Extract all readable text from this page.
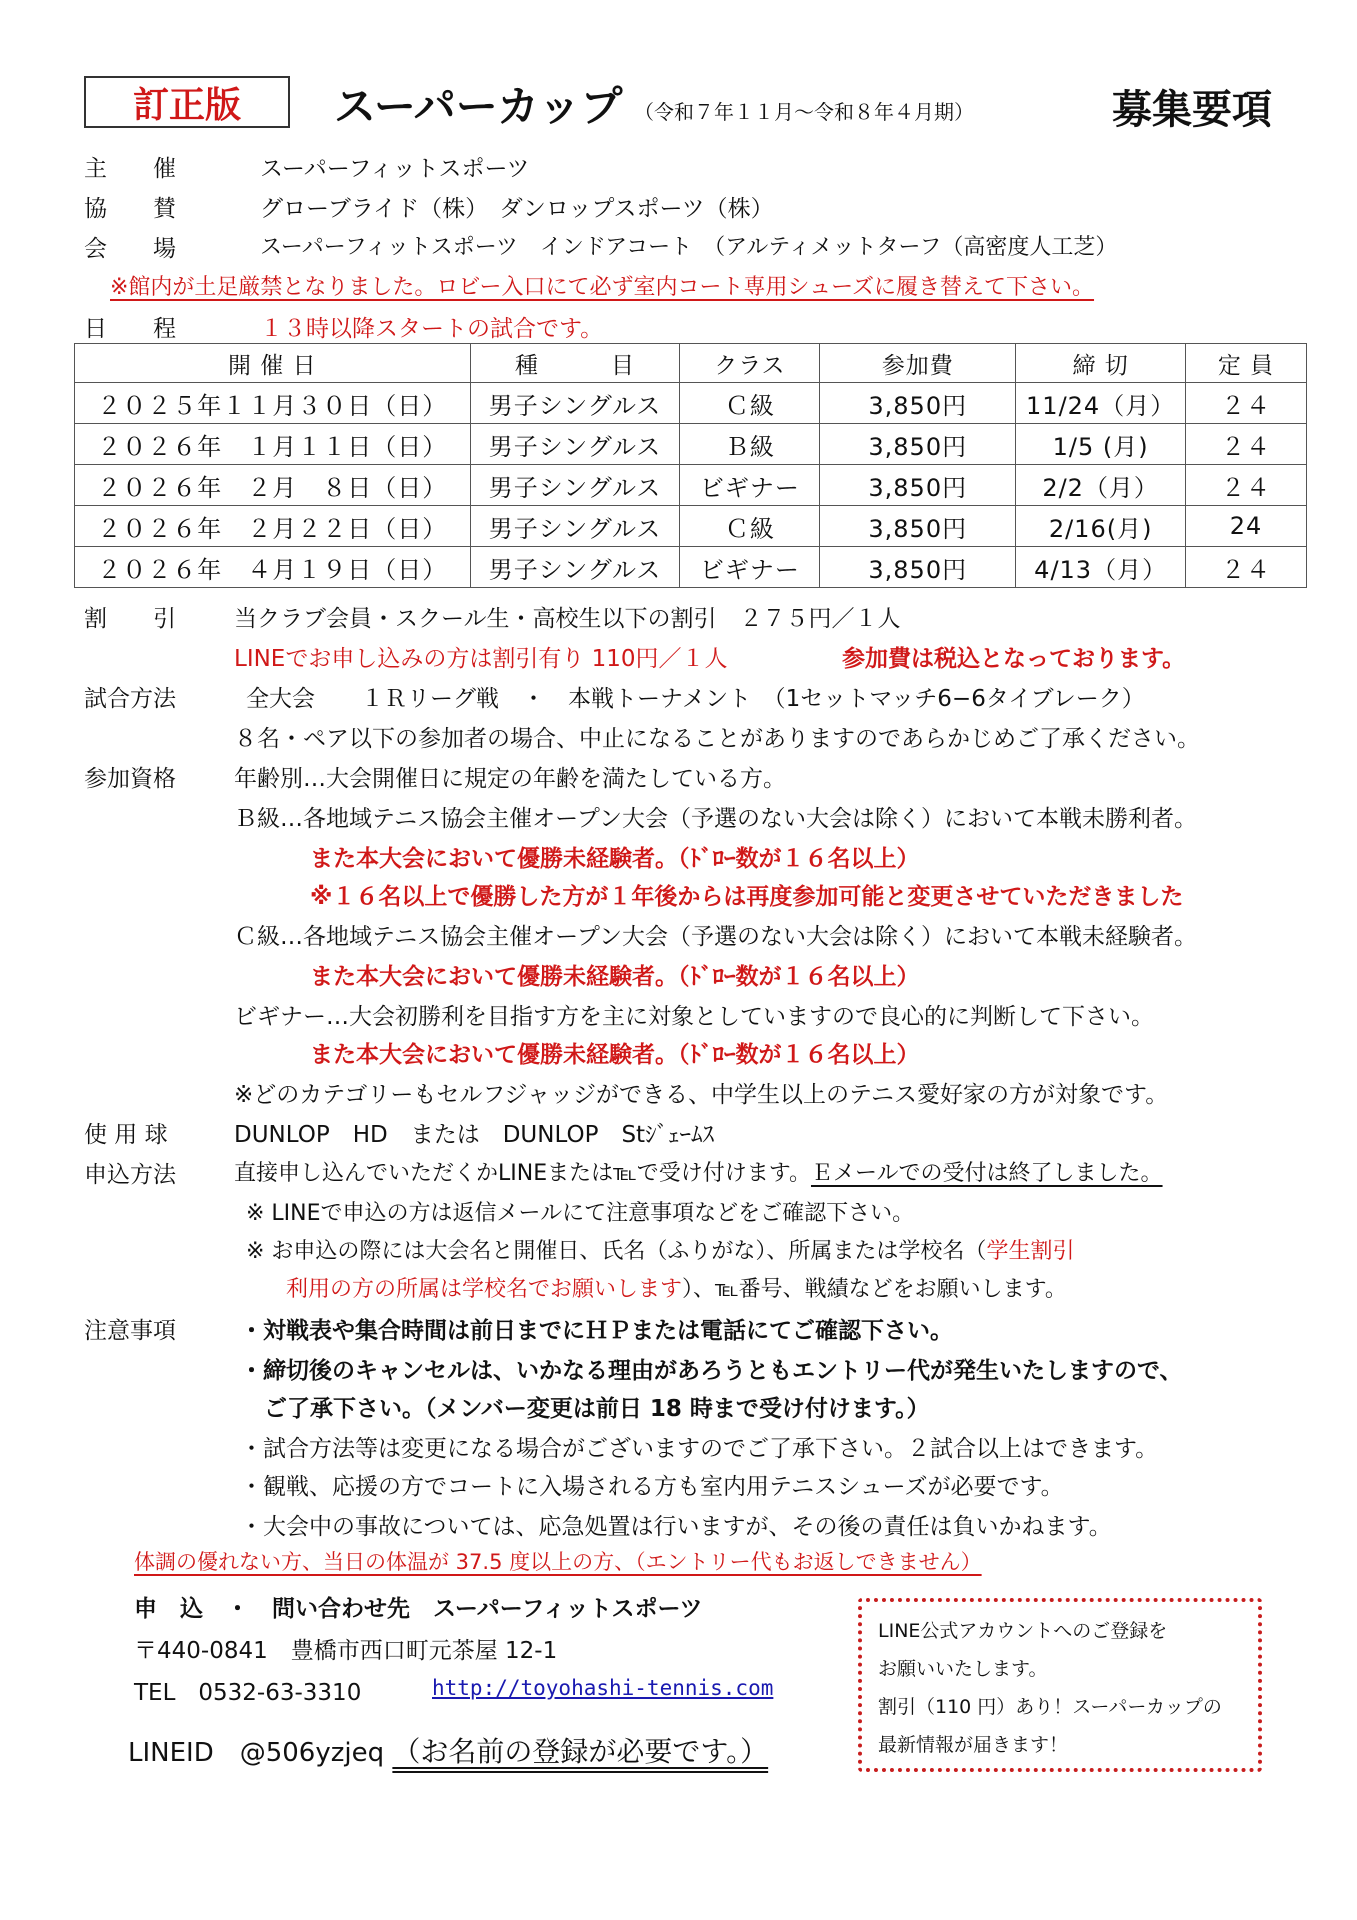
訂正版 スーパーカップ （令和７年１１月〜令和８年４月期）	募集要項
主　　催	スーパーフィットスポーツ
協　　賛	グローブライド（株）　ダンロップスポーツ（株）
会　　場	スーパーフィットスポーツ　インドアコート　（アルティメットターフ（高密度人工芝）
※館内が土足厳禁となりました。ロビー入口にて必ず室内コート専用シューズに履き替えて下さい。
日　　程	１３時以降スタートの試合です。
開 催 日	種　　　目	クラス	参加費	締 切	定 員
２０２５年１１月３０日（日）	男子シングルス	Ｃ級	3,850円	11/24（月）	２４
２０２６年　１月１１日（日）	男子シングルス	Ｂ級	3,850円	1/5 (月)	２４
２０２６年　２月　８日（日）	男子シングルス	ビギナー	3,850円	2/2（月）	２４
２０２６年　２月２２日（日）	男子シングルス	Ｃ級	3,850円	2/16(月)	24
２０２６年　４月１９日（日）	男子シングルス	ビギナー	3,850円	4/13（月）	２４
割　　引	当クラブ会員・スクール生・高校生以下の割引　２７５円／１人
LINEでお申し込みの方は割引有り 110円／１人	参加費は税込となっております。
試合方法	全大会　　１Ｒリーグ戦　・　本戦トーナメント　（1セットマッチ6−6タイブレーク）
８名・ペア以下の参加者の場合、中止になることがありますのであらかじめご了承ください。
参加資格	年齢別…大会開催日に規定の年齢を満たしている方。
Ｂ級…各地域テニス協会主催オープン大会（予選のない大会は除く）において本戦未勝利者。
また本大会において優勝未経験者。（ﾄﾞﾛｰ数が１６名以上）
※１６名以上で優勝した方が１年後からは再度参加可能と変更させていただきました
Ｃ級…各地域テニス協会主催オープン大会（予選のない大会は除く）において本戦未経験者。
また本大会において優勝未経験者。（ﾄﾞﾛｰ数が１６名以上）
ビギナー…大会初勝利を目指す方を主に対象としていますので良心的に判断して下さい。
また本大会において優勝未経験者。（ﾄﾞﾛｰ数が１６名以上）
※どのカテゴリーもセルフジャッジができる、中学生以上のテニス愛好家の方が対象です。
使 用 球	DUNLOP　HD　または　DUNLOP　Stｼﾞｪｰﾑｽ
申込方法	直接申し込んでいただくかLINEまたは℡で受け付けます。Ｅメールでの受付は終了しました。
※ LINEで申込の方は返信メールにて注意事項などをご確認下さい。
※ お申込の際には大会名と開催日、氏名（ふりがな）、所属または学校名（学生割引
利用の方の所属は学校名でお願いします）、℡番号、戦績などをお願いします。
注意事項	・対戦表や集合時間は前日までにＨＰまたは電話にてご確認下さい。
・締切後のキャンセルは、いかなる理由があろうともエントリー代が発生いたしますので、
ご了承下さい。（メンバー変更は前日 18 時まで受け付けます。）
・試合方法等は変更になる場合がございますのでご了承下さい。２試合以上はできます。
・観戦、応援の方でコートに入場される方も室内用テニスシューズが必要です。
・大会中の事故については、応急処置は行いますが、その後の責任は負いかねます。
体調の優れない方、当日の体温が 37.5 度以上の方、（エントリー代もお返しできません）
申　込　・　問い合わせ先　スーパーフィットスポーツ
〒440-0841　豊橋市西口町元茶屋 12-1
TEL　0532-63-3310	http://toyohashi-tennis.com
LINEID　@506yzjeq （お名前の登録が必要です。）
LINE公式アカウントへのご登録を
お願いいたします。
割引（110 円）あり！スーパーカップの
最新情報が届きます！
